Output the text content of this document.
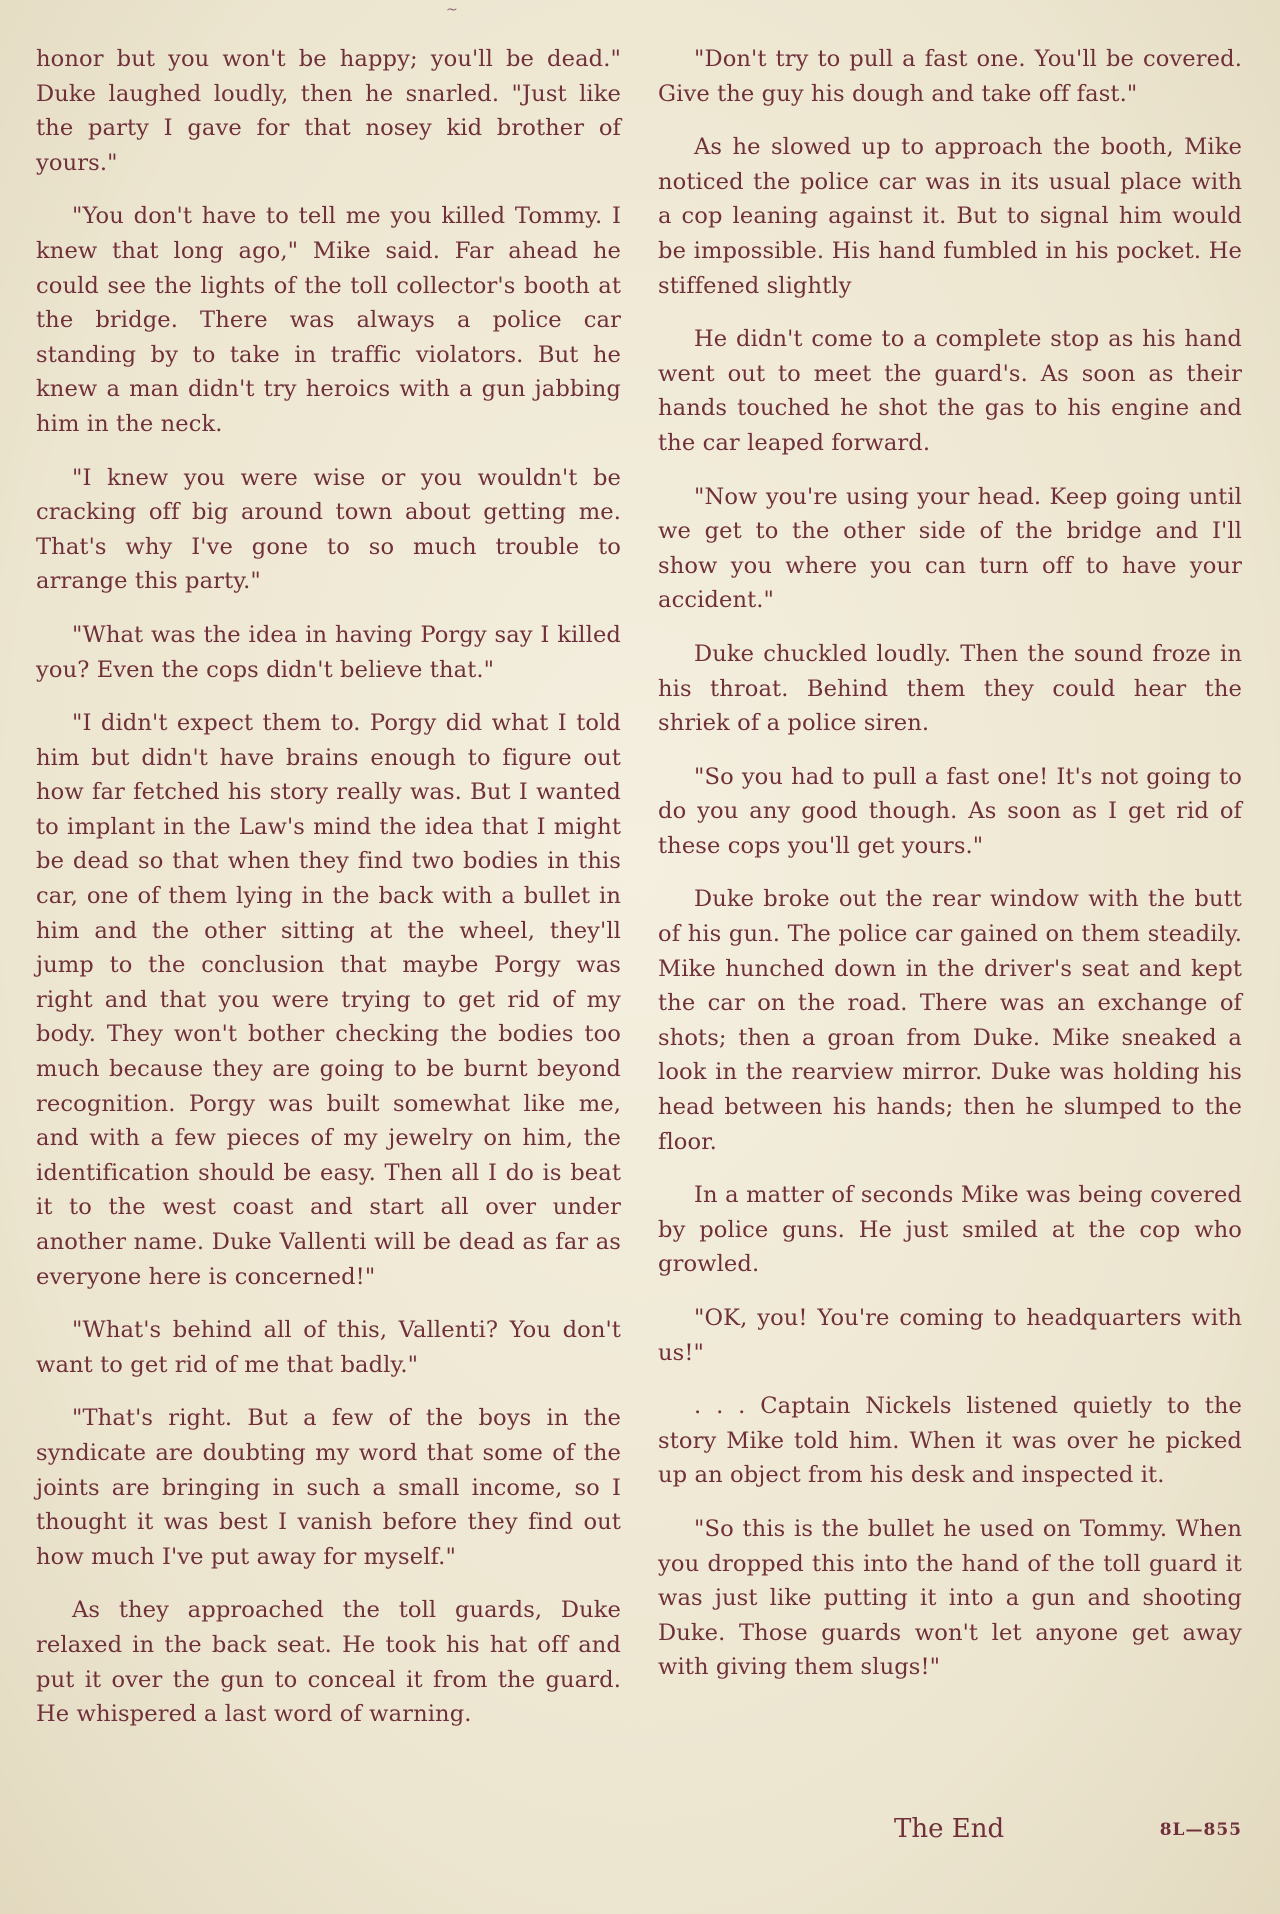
~

honor but you won't be happy; you'll be dead." Duke laughed loudly, then he snarled. "Just like the party I gave for that nosey kid brother of yours."

"You don't have to tell me you killed Tommy. I knew that long ago," Mike said. Far ahead he could see the lights of the toll collector's booth at the bridge. There was always a police car standing by to take in traffic violators. But he knew a man didn't try heroics with a gun jabbing him in the neck.

"I knew you were wise or you wouldn't be cracking off big around town about getting me. That's why I've gone to so much trouble to arrange this party."

"What was the idea in having Porgy say I killed you? Even the cops didn't believe that."

"I didn't expect them to. Porgy did what I told him but didn't have brains enough to figure out how far fetched his story really was. But I wanted to implant in the Law's mind the idea that I might be dead so that when they find two bodies in this car, one of them lying in the back with a bullet in him and the other sitting at the wheel, they'll jump to the conclusion that maybe Porgy was right and that you were trying to get rid of my body. They won't bother checking the bodies too much because they are going to be burnt beyond recognition. Porgy was built somewhat like me, and with a few pieces of my jewelry on him, the identification should be easy. Then all I do is beat it to the west coast and start all over under another name. Duke Vallenti will be dead as far as everyone here is concerned!"

"What's behind all of this, Vallenti? You don't want to get rid of me that badly."

"That's right. But a few of the boys in the syndicate are doubting my word that some of the joints are bringing in such a small income, so I thought it was best I vanish before they find out how much I've put away for myself."

As they approached the toll guards, Duke relaxed in the back seat. He took his hat off and put it over the gun to conceal it from the guard. He whispered a last word of warning.

"Don't try to pull a fast one. You'll be covered. Give the guy his dough and take off fast."

As he slowed up to approach the booth, Mike noticed the police car was in its usual place with a cop leaning against it. But to signal him would be impossible. His hand fumbled in his pocket. He stiffened slightly

He didn't come to a complete stop as his hand went out to meet the guard's. As soon as their hands touched he shot the gas to his engine and the car leaped forward.

"Now you're using your head. Keep going until we get to the other side of the bridge and I'll show you where you can turn off to have your accident."

Duke chuckled loudly. Then the sound froze in his throat. Behind them they could hear the shriek of a police siren.

"So you had to pull a fast one! It's not going to do you any good though. As soon as I get rid of these cops you'll get yours."

Duke broke out the rear window with the butt of his gun. The police car gained on them steadily. Mike hunched down in the driver's seat and kept the car on the road. There was an exchange of shots; then a groan from Duke. Mike sneaked a look in the rearview mirror. Duke was holding his head between his hands; then he slumped to the floor.

In a matter of seconds Mike was being covered by police guns. He just smiled at the cop who growled.

"OK, you! You're coming to headquarters with us!"

. . . Captain Nickels listened quietly to the story Mike told him. When it was over he picked up an object from his desk and inspected it.

"So this is the bullet he used on Tommy. When you dropped this into the hand of the toll guard it was just like putting it into a gun and shooting Duke. Those guards won't let anyone get away with giving them slugs!"

The End	8L—855
